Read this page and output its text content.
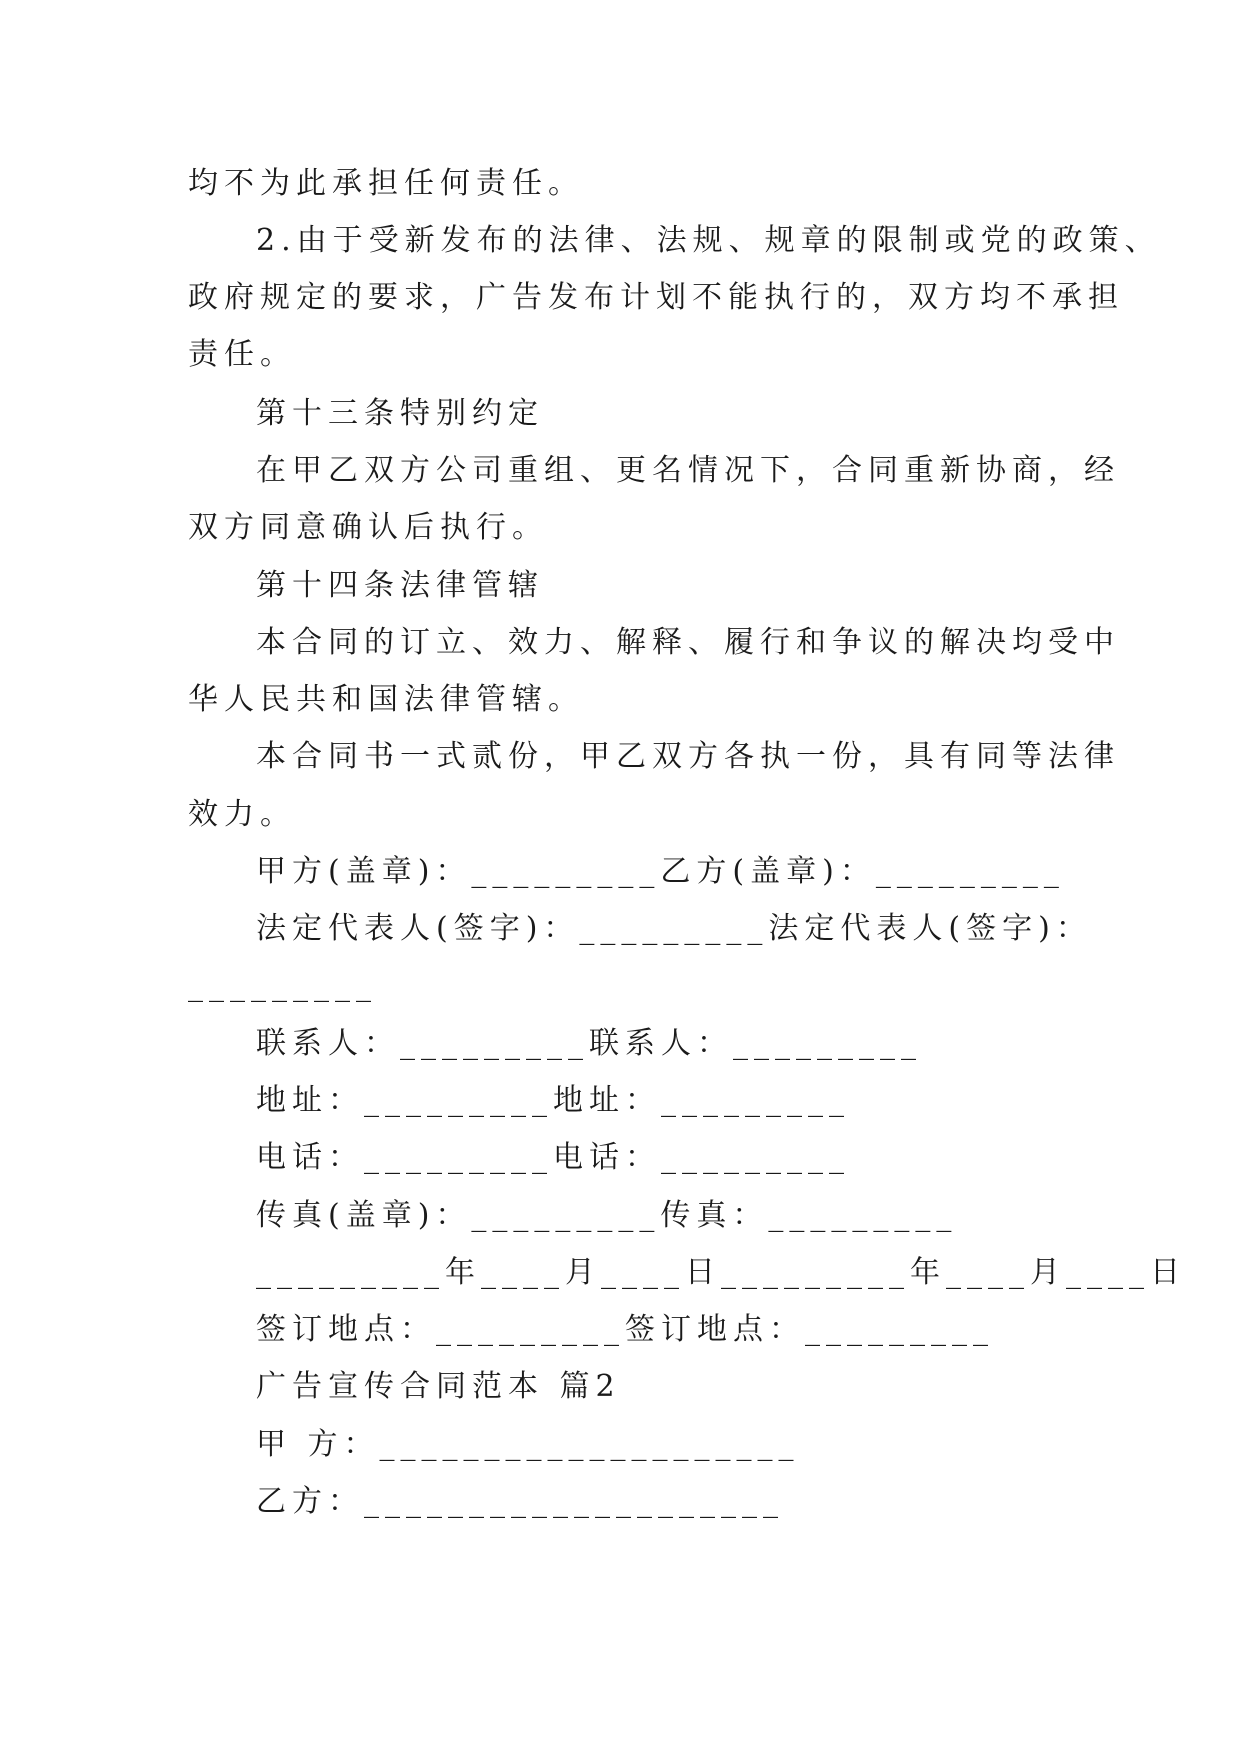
均不为此承担任何责任。
2.由于受新发布的法律、法规、规章的限制或党的政策、
政府规定的要求，广告发布计划不能执行的，双方均不承担
责任。
第十三条特别约定
在甲乙双方公司重组、更名情况下，合同重新协商，经
双方同意确认后执行。
第十四条法律管辖
本合同的订立、效力、解释、履行和争议的解决均受中
华人民共和国法律管辖。
本合同书一式贰份，甲乙双方各执一份，具有同等法律
效力。
甲方(盖章)：_________乙方(盖章)：_________
法定代表人(签字)：_________法定代表人(签字)：
_________
联系人：_________联系人：_________
地址：_________地址：_________
电话：_________电话：_________
传真(盖章)：_________传真：_________
_________年____月____日_________年____月____日
签订地点：_________签订地点：_________
广告宣传合同范本 篇2
甲 方：____________________
乙方：____________________
